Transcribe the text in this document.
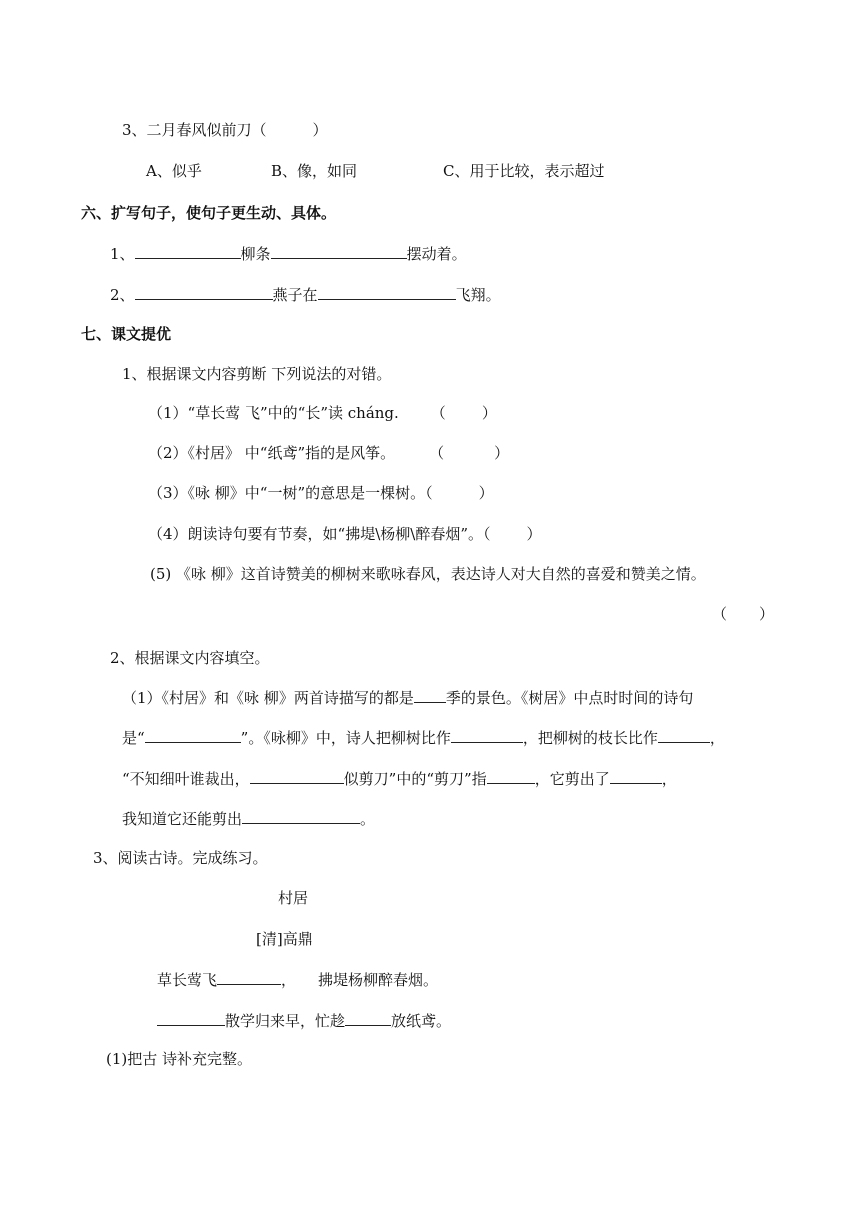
3、二月春风似前刀（	）
A、似乎	B、像，如同	C、用于比较，表示超过
六、扩写句子，使句子更生动、具体。
1、	柳条	摆动着。
2、	燕子在	飞翔。
七、课文提优
1、根据课文内容剪断 下列说法的对错。
（1）“草长莺 飞”中的“长”读 cháng. （ ）
（2）《村居》 中“纸鸢”指的是风筝。 （	）
（3）《咏 柳》中“一树”的意思是一棵树。（	）
（4）朗读诗句要有节奏，如“拂堤\杨柳\醉春烟”。（ ）
(5) 《咏 柳》这首诗赞美的柳树来歌咏春风，表达诗人对大自然的喜爱和赞美之情。
（ ）
2、根据课文内容填空。
（1）《村居》和《咏 柳》两首诗描写的都是 季的景色。《树居》中点时时间的诗句
是“	”。《咏柳》中，诗人把柳树比作	，把柳树的枝长比作	，
“不知细叶谁裁出，	似剪刀”中的“剪刀”指	，它剪出了	，
我知道它还能剪出	。
3、阅读古诗。完成练习。
村居
[清]高鼎
草长莺飞	， 拂堤杨柳醉春烟。
散学归来早，忙趁	放纸鸢。
(1)把古 诗补充完整。
